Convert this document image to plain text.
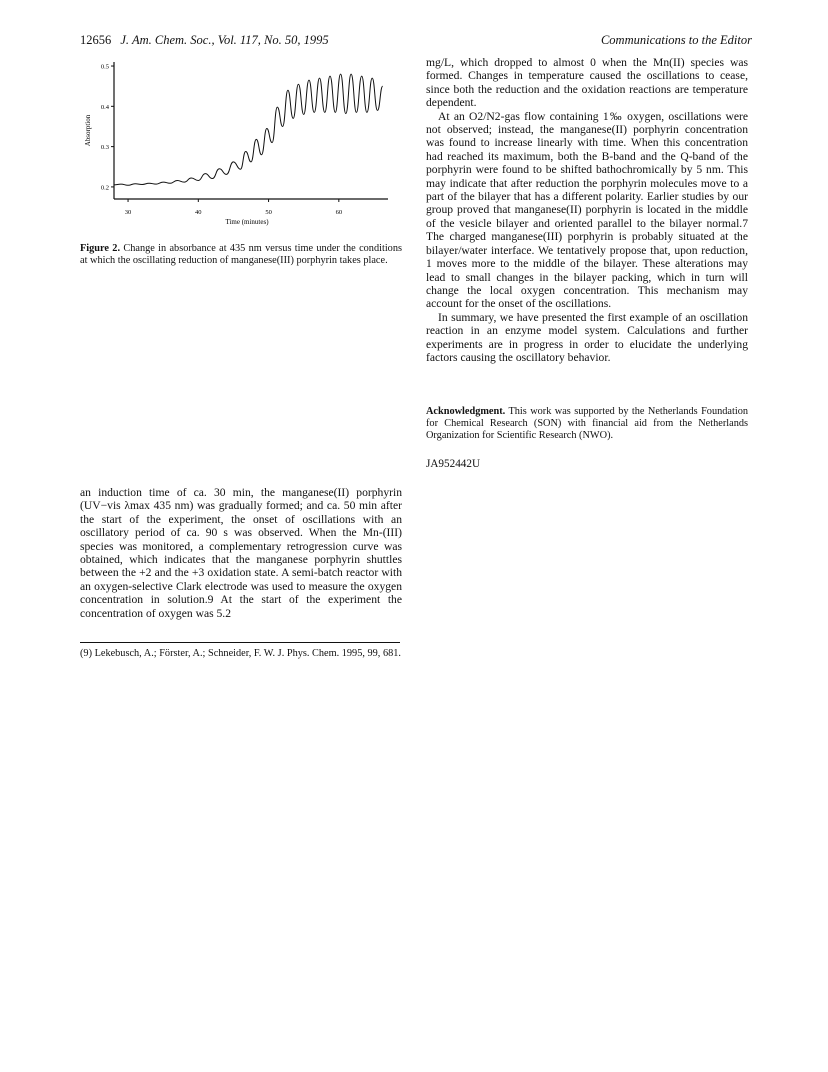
12656 J. Am. Chem. Soc., Vol. 117, No. 50, 1995	Communications to the Editor
0.2
0.3
0.4
0.5
30	40	50	60
Time (minutes)
Absorption
Figure 2. Change in absorbance at 435 nm versus time under the conditions at which the oscillating reduction of manganese(III) porphyrin takes place.

an induction time of ca. 30 min, the manganese(II) porphyrin (UV−vis λmax 435 nm) was gradually formed; and ca. 50 min after the start of the experiment, the onset of oscillations with an oscillatory period of ca. 90 s was observed. When the Mn-(III) species was monitored, a complementary retrogression curve was obtained, which indicates that the manganese porphyrin shuttles between the +2 and the +3 oxidation state. A semi-batch reactor with an oxygen-selective Clark electrode was used to measure the oxygen concentration in solution.9 At the start of the experiment the concentration of oxygen was 5.2

(9) Lekebusch, A.; Förster, A.; Schneider, F. W. J. Phys. Chem. 1995, 99, 681.

mg/L, which dropped to almost 0 when the Mn(II) species was formed. Changes in temperature caused the oscillations to cease, since both the reduction and the oxidation reactions are temperature dependent.

At an O2/N2-gas flow containing 1‰ oxygen, oscillations were not observed; instead, the manganese(II) porphyrin concentration was found to increase linearly with time. When this concentration had reached its maximum, both the B-band and the Q-band of the porphyrin were found to be shifted bathochromically by 5 nm. This may indicate that after reduction the porphyrin molecules move to a part of the bilayer that has a different polarity. Earlier studies by our group proved that manganese(II) porphyrin is located in the middle of the vesicle bilayer and oriented parallel to the bilayer normal.7 The charged manganese(III) porphyrin is probably situated at the bilayer/water interface. We tentatively propose that, upon reduction, 1 moves more to the middle of the bilayer. These alterations may lead to small changes in the bilayer packing, which in turn will change the local oxygen concentration. This mechanism may account for the onset of the oscillations.

In summary, we have presented the first example of an oscillation reaction in an enzyme model system. Calculations and further experiments are in progress in order to elucidate the underlying factors causing the oscillatory behavior.

Acknowledgment. This work was supported by the Netherlands Foundation for Chemical Research (SON) with financial aid from the Netherlands Organization for Scientific Research (NWO).
JA952442U
